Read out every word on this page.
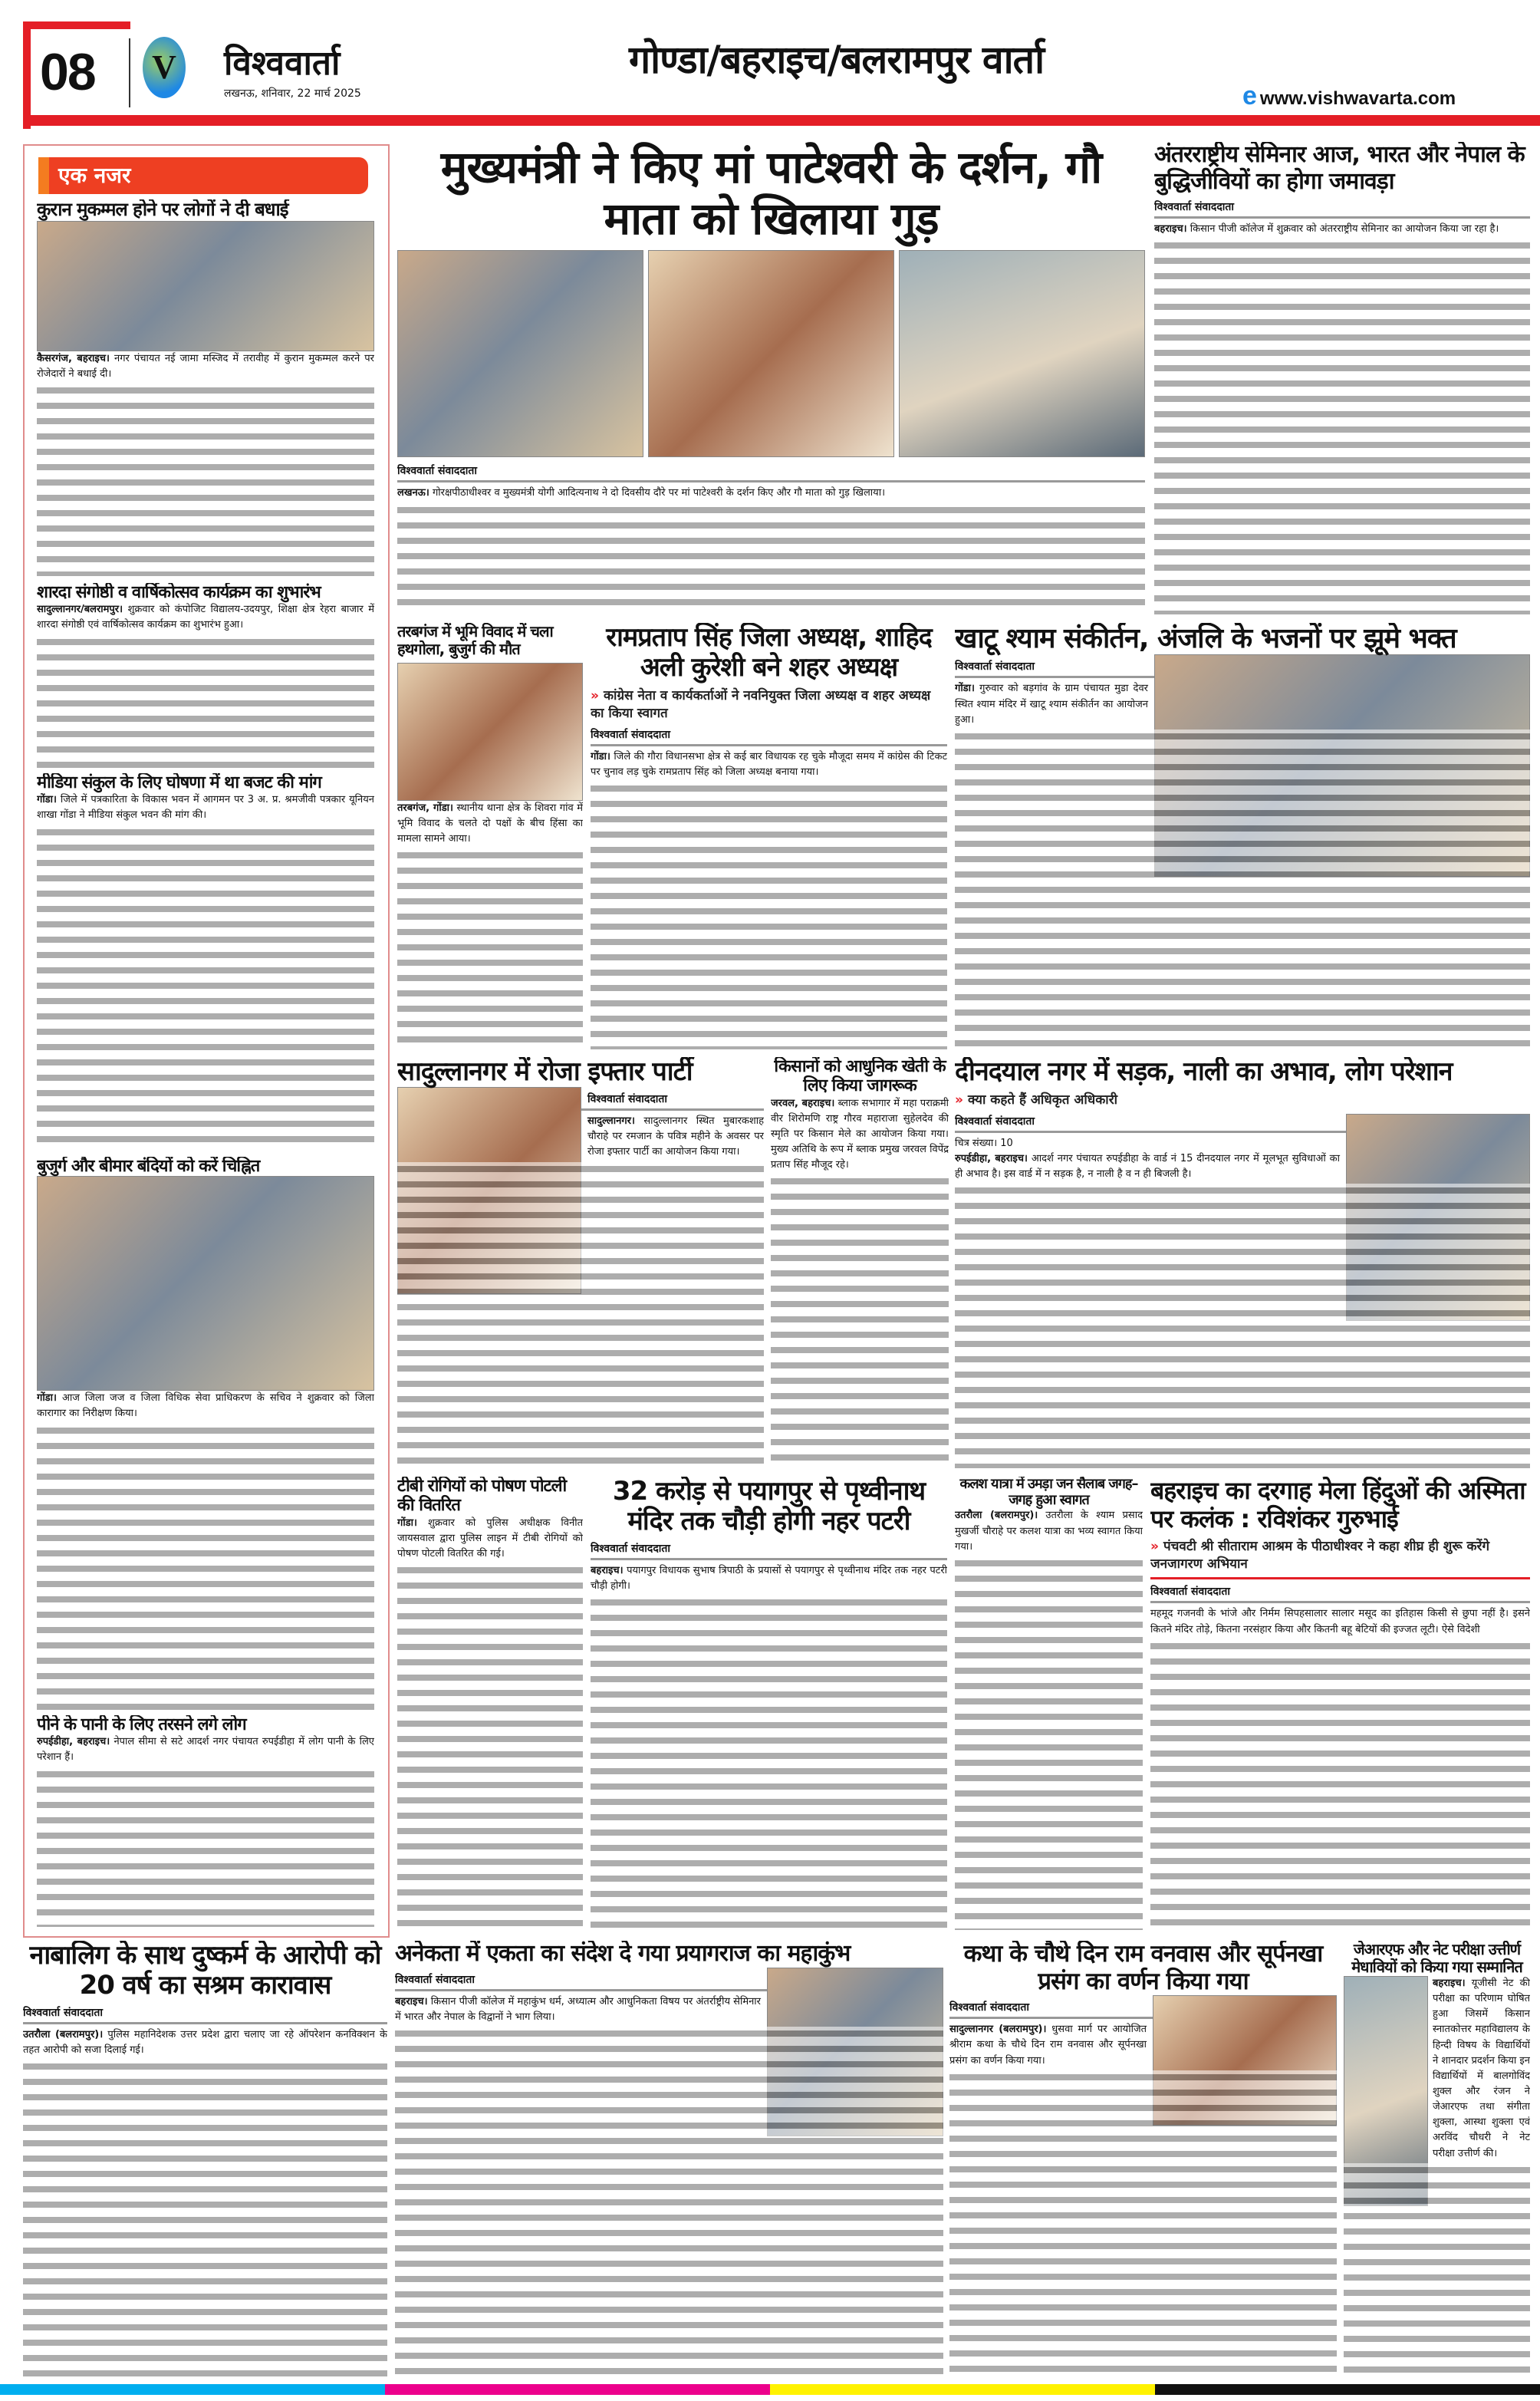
08 V विश्ववार्ता
लखनऊ, शनिवार, 22 मार्च 2025
गोण्डा/बहराइच/बलरामपुर वार्ता
e www.vishwavarta.com
एक नजर
कुरान मुकम्मल होने पर लोगों ने दी बधाई

कैसरगंज, बहराइच। नगर पंचायत नई जामा मस्जिद में तरावीह में कुरान मुकम्मल करने पर रोजेदारों ने बधाई दी।

शारदा संगोष्ठी व वार्षिकोत्सव कार्यक्रम का शुभारंभ

सादुल्लानगर/बलरामपुर। शुक्रवार को कंपोजिट विद्यालय-उदयपुर, शिक्षा क्षेत्र रेहरा बाजार में शारदा संगोष्ठी एवं वार्षिकोत्सव कार्यक्रम का शुभारंभ हुआ।

मीडिया संकुल के लिए घोषणा में था बजट की मांग

गोंडा। जिले में पत्रकारिता के विकास भवन में आगमन पर 3 अ. प्र. श्रमजीवी पत्रकार यूनियन शाखा गोंडा ने मीडिया संकुल भवन की मांग की।

बुजुर्ग और बीमार बंदियों को करें चिह्नित

गोंडा। आज जिला जज व जिला विधिक सेवा प्राधिकरण के सचिव ने शुक्रवार को जिला कारागार का निरीक्षण किया।

पीने के पानी के लिए तरसने लगे लोग

रुपईडीहा, बहराइच। नेपाल सीमा से सटे आदर्श नगर पंचायत रुपईडीहा में लोग पानी के लिए परेशान हैं।

मुख्यमंत्री ने किए मां पाटेश्वरी के दर्शन, गौ माता को खिलाया गुड़
विश्ववार्ता संवाददाता

लखनऊ। गोरक्षपीठाधीश्वर व मुख्यमंत्री योगी आदित्यनाथ ने दो दिवसीय दौरे पर मां पाटेश्वरी के दर्शन किए और गौ माता को गुड़ खिलाया।

अंतरराष्ट्रीय सेमिनार आज, भारत और नेपाल के बुद्धिजीवियों का होगा जमावड़ा
विश्ववार्ता संवाददाता

बहराइच। किसान पीजी कॉलेज में शुक्रवार को अंतरराष्ट्रीय सेमिनार का आयोजन किया जा रहा है।

तरबगंज में भूमि विवाद में चला हथगोला, बुजुर्ग की मौत

तरबगंज, गोंडा। स्थानीय थाना क्षेत्र के शिवरा गांव में भूमि विवाद के चलते दो पक्षों के बीच हिंसा का मामला सामने आया।

रामप्रताप सिंह जिला अध्यक्ष, शाहिद अली कुरेशी बने शहर अध्यक्ष
» कांग्रेस नेता व कार्यकर्ताओं ने नवनियुक्त जिला अध्यक्ष व शहर अध्यक्ष का किया स्वागत
विश्ववार्ता संवाददाता

गोंडा। जिले की गौरा विधानसभा क्षेत्र से कई बार विधायक रह चुके मौजूदा समय में कांग्रेस की टिकट पर चुनाव लड़ चुके रामप्रताप सिंह को जिला अध्यक्ष बनाया गया।

खाटू श्याम संकीर्तन, अंजलि के भजनों पर झूमे भक्त
विश्ववार्ता संवाददाता

गोंडा। गुरुवार को बड़गांव के ग्राम पंचायत मुडा देवर स्थित श्याम मंदिर में खाटू श्याम संकीर्तन का आयोजन हुआ।

सादुल्लानगर में रोजा इफ्तार पार्टी
विश्ववार्ता संवाददाता

सादुल्लानगर। सादुल्लानगर स्थित मुबारकशाह चौराहे पर रमजान के पवित्र महीने के अवसर पर रोजा इफ्तार पार्टी का आयोजन किया गया।

किसानों को आधुनिक खेती के लिए किया जागरूक

जरवल, बहराइच। ब्लाक सभागार में महा पराक्रमी वीर शिरोमणि राष्ट्र गौरव महाराजा सुहेलदेव की स्मृति पर किसान मेले का आयोजन किया गया। मुख्य अतिथि के रूप में ब्लाक प्रमुख जरवल विपेंद्र प्रताप सिंह मौजूद रहे।

दीनदयाल नगर में सड़क, नाली का अभाव, लोग परेशान
» क्या कहते हैं अधिकृत अधिकारी
विश्ववार्ता संवाददाता
चित्र संख्या। 10

रुपईडीहा, बहराइच। आदर्श नगर पंचायत रुपईडीहा के वार्ड नं 15 दीनदयाल नगर में मूलभूत सुविधाओं का ही अभाव है। इस वार्ड में न सड़क है, न नाली है व न ही बिजली है।

टीबी रोगियों को पोषण पोटली की वितरित

गोंडा। शुक्रवार को पुलिस अधीक्षक विनीत जायसवाल द्वारा पुलिस लाइन में टीबी रोगियों को पोषण पोटली वितरित की गई।

32 करोड़ से पयागपुर से पृथ्वीनाथ मंदिर तक चौड़ी होगी नहर पटरी
विश्ववार्ता संवाददाता

बहराइच। पयागपुर विधायक सुभाष त्रिपाठी के प्रयासों से पयागपुर से पृथ्वीनाथ मंदिर तक नहर पटरी चौड़ी होगी।

कलश यात्रा में उमड़ा जन सैलाब जगह–जगह हुआ स्वागत

उतरौला (बलरामपुर)। उतरौला के श्याम प्रसाद मुखर्जी चौराहे पर कलश यात्रा का भव्य स्वागत किया गया।

बहराइच का दरगाह मेला हिंदुओं की अस्मिता पर कलंक : रविशंकर गुरुभाई
» पंचवटी श्री सीताराम आश्रम के पीठाधीश्वर ने कहा शीघ्र ही शुरू करेंगे जनजागरण अभियान
विश्ववार्ता संवाददाता

महमूद गजनवी के भांजे और निर्मम सिपहसालार सालार मसूद का इतिहास किसी से छुपा नहीं है। इसने कितने मंदिर तोड़े, कितना नरसंहार किया और कितनी बहू बेटियों की इज्जत लूटी। ऐसे विदेशी

नाबालिग के साथ दुष्कर्म के आरोपी को 20 वर्ष का सश्रम कारावास
विश्ववार्ता संवाददाता

उतरौला (बलरामपुर)। पुलिस महानिदेशक उत्तर प्रदेश द्वारा चलाए जा रहे ऑपरेशन कनविक्शन के तहत आरोपी को सजा दिलाई गई।

अनेकता में एकता का संदेश दे गया प्रयागराज का महाकुंभ
विश्ववार्ता संवाददाता

बहराइच। किसान पीजी कॉलेज में महाकुंभ धर्म, अध्यात्म और आधुनिकता विषय पर अंतर्राष्ट्रीय सेमिनार में भारत और नेपाल के विद्वानों ने भाग लिया।

कथा के चौथे दिन राम वनवास और सूर्पनखा प्रसंग का वर्णन किया गया
विश्ववार्ता संवाददाता

सादुल्लानगर (बलरामपुर)। धुसवा मार्ग पर आयोजित श्रीराम कथा के चौथे दिन राम वनवास और सूर्पनखा प्रसंग का वर्णन किया गया।

जेआरएफ और नेट परीक्षा उत्तीर्ण मेधावियों को किया गया सम्मानित

बहराइच। यूजीसी नेट की परीक्षा का परिणाम घोषित हुआ जिसमें किसान स्नातकोत्तर महाविद्यालय के हिन्दी विषय के विद्यार्थियों ने शानदार प्रदर्शन किया इन विद्यार्थियों में बालगोविंद शुक्ल और रंजन ने जेआरएफ तथा संगीता शुक्ला, आस्था शुक्ला एवं अरविंद चौधरी ने नेट परीक्षा उत्तीर्ण की।
